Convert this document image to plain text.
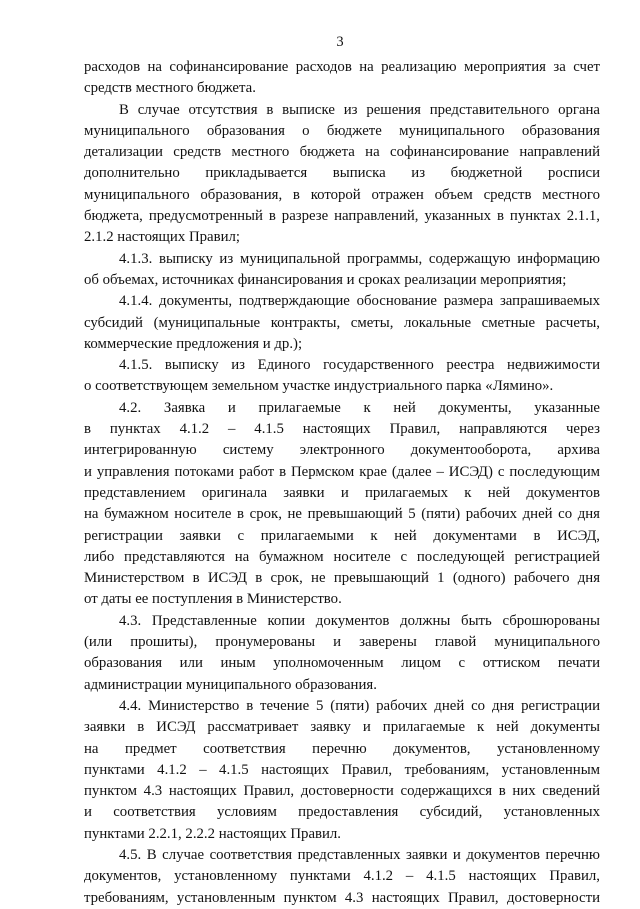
3
расходов на софинансирование расходов на реализацию мероприятия за счет
средств местного бюджета.
В случае отсутствия в выписке из решения представительного органа
муниципального образования о бюджете муниципального образования
детализации средств местного бюджета на софинансирование направлений
дополнительно прикладывается выписка из бюджетной росписи
муниципального образования, в которой отражен объем средств местного
бюджета, предусмотренный в разрезе направлений, указанных в пунктах 2.1.1,
2.1.2 настоящих Правил;
4.1.3. выписку из муниципальной программы, содержащую информацию
об объемах, источниках финансирования и сроках реализации мероприятия;
4.1.4. документы, подтверждающие обоснование размера запрашиваемых
субсидий (муниципальные контракты, сметы, локальные сметные расчеты,
коммерческие предложения и др.);
4.1.5. выписку из Единого государственного реестра недвижимости
о соответствующем земельном участке индустриального парка «Лямино».
4.2. Заявка и прилагаемые к ней документы, указанные
в пунктах 4.1.2 – 4.1.5 настоящих Правил, направляются через
интегрированную систему электронного документооборота, архива
и управления потоками работ в Пермском крае (далее – ИСЭД) с последующим
представлением оригинала заявки и прилагаемых к ней документов
на бумажном носителе в срок, не превышающий 5 (пяти) рабочих дней со дня
регистрации заявки с прилагаемыми к ней документами в ИСЭД,
либо представляются на бумажном носителе с последующей регистрацией
Министерством в ИСЭД в срок, не превышающий 1 (одного) рабочего дня
от даты ее поступления в Министерство.
4.3. Представленные копии документов должны быть сброшюрованы
(или прошиты), пронумерованы и заверены главой муниципального
образования или иным уполномоченным лицом с оттиском печати
администрации муниципального образования.
4.4. Министерство в течение 5 (пяти) рабочих дней со дня регистрации
заявки в ИСЭД рассматривает заявку и прилагаемые к ней документы
на предмет соответствия перечню документов, установленному
пунктами 4.1.2 – 4.1.5 настоящих Правил, требованиям, установленным
пунктом 4.3 настоящих Правил, достоверности содержащихся в них сведений
и соответствия условиям предоставления субсидий, установленных
пунктами 2.2.1, 2.2.2 настоящих Правил.
4.5. В случае соответствия представленных заявки и документов перечню
документов, установленному пунктами 4.1.2 – 4.1.5 настоящих Правил,
требованиям, установленным пунктом 4.3 настоящих Правил, достоверности
